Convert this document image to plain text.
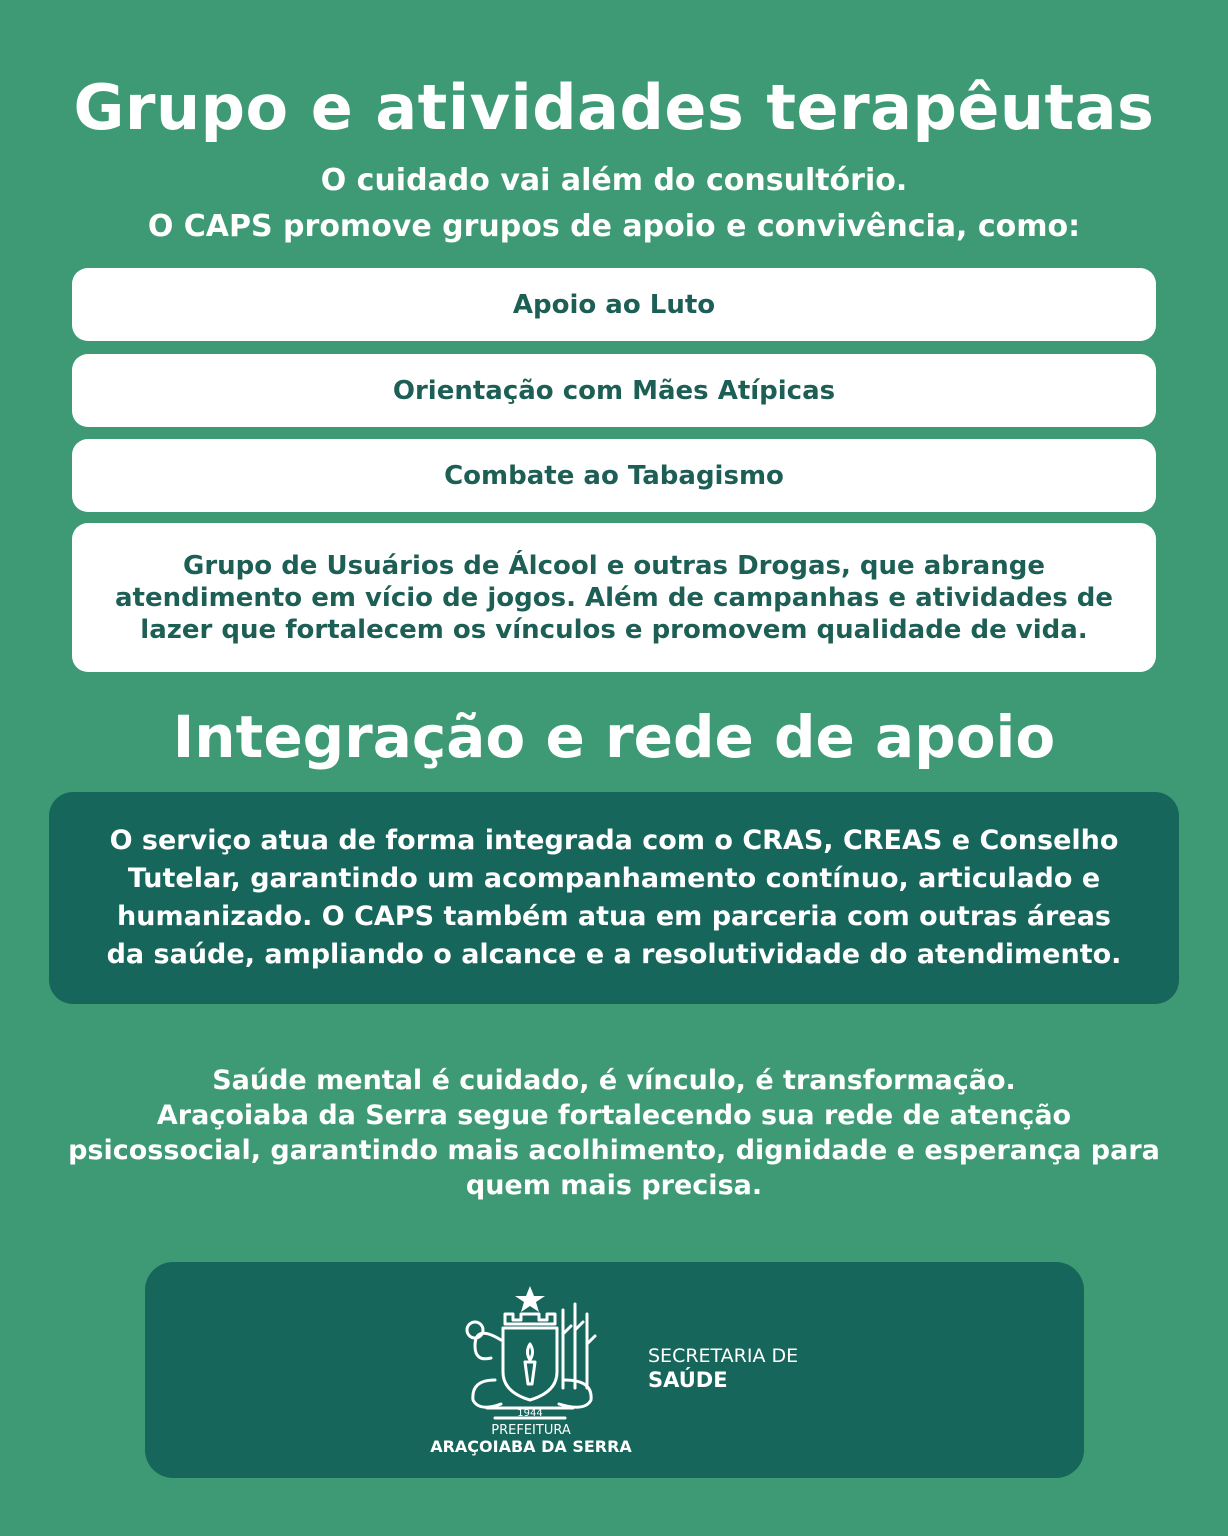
Grupo e atividades terapêutas
O cuidado vai além do consultório.
O CAPS promove grupos de apoio e convivência, como:
Apoio ao Luto
Orientação com Mães Atípicas
Combate ao Tabagismo
Grupo de Usuários de Álcool e outras Drogas, que abrange atendimento em vício de jogos. Além de campanhas e atividades de lazer que fortalecem os vínculos e promovem qualidade de vida.
Integração e rede de apoio
O serviço atua de forma integrada com o CRAS, CREAS e Conselho Tutelar, garantindo um acompanhamento contínuo, articulado e humanizado. O CAPS também atua em parceria com outras áreas da saúde, ampliando o alcance e a resolutividade do atendimento.
Saúde mental é cuidado, é vínculo, é transformação.
Araçoiaba da Serra segue fortalecendo sua rede de atenção psicossocial, garantindo mais acolhimento, dignidade e esperança para quem mais precisa.
1944
PREFEITURA
ARAÇOIABA DA SERRA
SECRETARIA DE
SAÚDE
